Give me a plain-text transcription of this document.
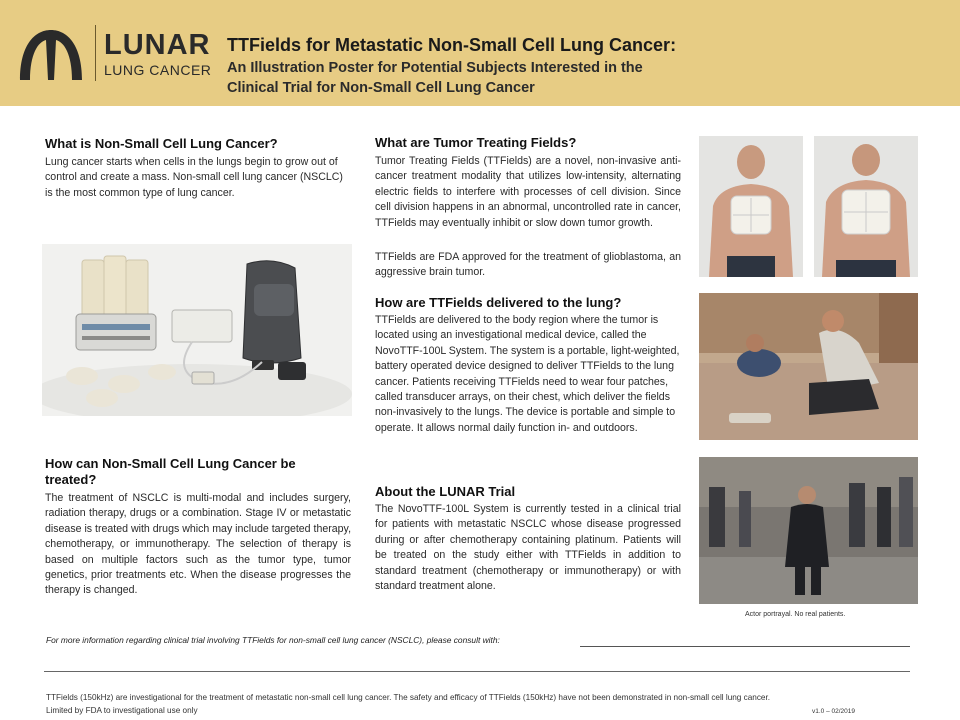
LUNAR
LUNG CANCER
TTFields for Metastatic Non-Small Cell Lung Cancer:
An Illustration Poster for Potential Subjects Interested in the Clinical Trial for Non-Small Cell Lung Cancer
What is Non-Small Cell Lung Cancer?

Lung cancer starts when cells in the lungs begin to grow out of control and create a mass. Non-small cell lung cancer (NSCLC) is the most common type of lung cancer.

How can Non-Small Cell Lung Cancer be treated?

The treatment of NSCLC is multi-modal and includes surgery, radiation therapy, drugs or a combination. Stage IV or metastatic disease is treated with drugs which may include targeted therapy, chemotherapy, or immunotherapy. The selection of therapy is based on multiple factors such as the tumor type, tumor genetics, prior treatments etc. When the disease progresses the therapy is changed.

What are Tumor Treating Fields?

Tumor Treating Fields (TTFields) are a novel, non-invasive anti-cancer treatment modality that utilizes low-intensity, alternating electric fields to interfere with processes of cell division. Since cell division happens in an abnormal, uncontrolled rate in cancer, TTFields may eventually inhibit or slow down tumor growth.

TTFields are FDA approved for the treatment of glioblastoma, an aggressive brain tumor.

How are TTFields delivered to the lung?

TTFields are delivered to the body region where the tumor is located using an investigational medical device, called the NovoTTF-100L System. The system is a portable, light-weighted, battery operated device designed to deliver TTFields to the lung cancer. Patients receiving TTFields need to wear four patches, called transducer arrays, on their chest, which deliver the fields non-invasively to the lungs. The device is portable and simple to operate. It allows normal daily function in- and outdoors.

About the LUNAR Trial

The NovoTTF-100L System is currently tested in a clinical trial for patients with metastatic NSCLC whose disease progressed during or after chemotherapy containing platinum. Patients will be treated on the study either with TTFields in addition to standard treatment (chemotherapy or immunotherapy) or with standard treatment alone.

Actor portrayal. No real patients.
For more information regarding clinical trial involving TTFields for non-small cell lung cancer (NSCLC), please consult with:
TTFields (150kHz) are investigational for the treatment of metastatic non-small cell lung cancer. The safety and efficacy of TTFields (150kHz) have not been demonstrated in non-small cell lung cancer.
Limited by FDA to investigational use only	v1.0 – 02/2019
